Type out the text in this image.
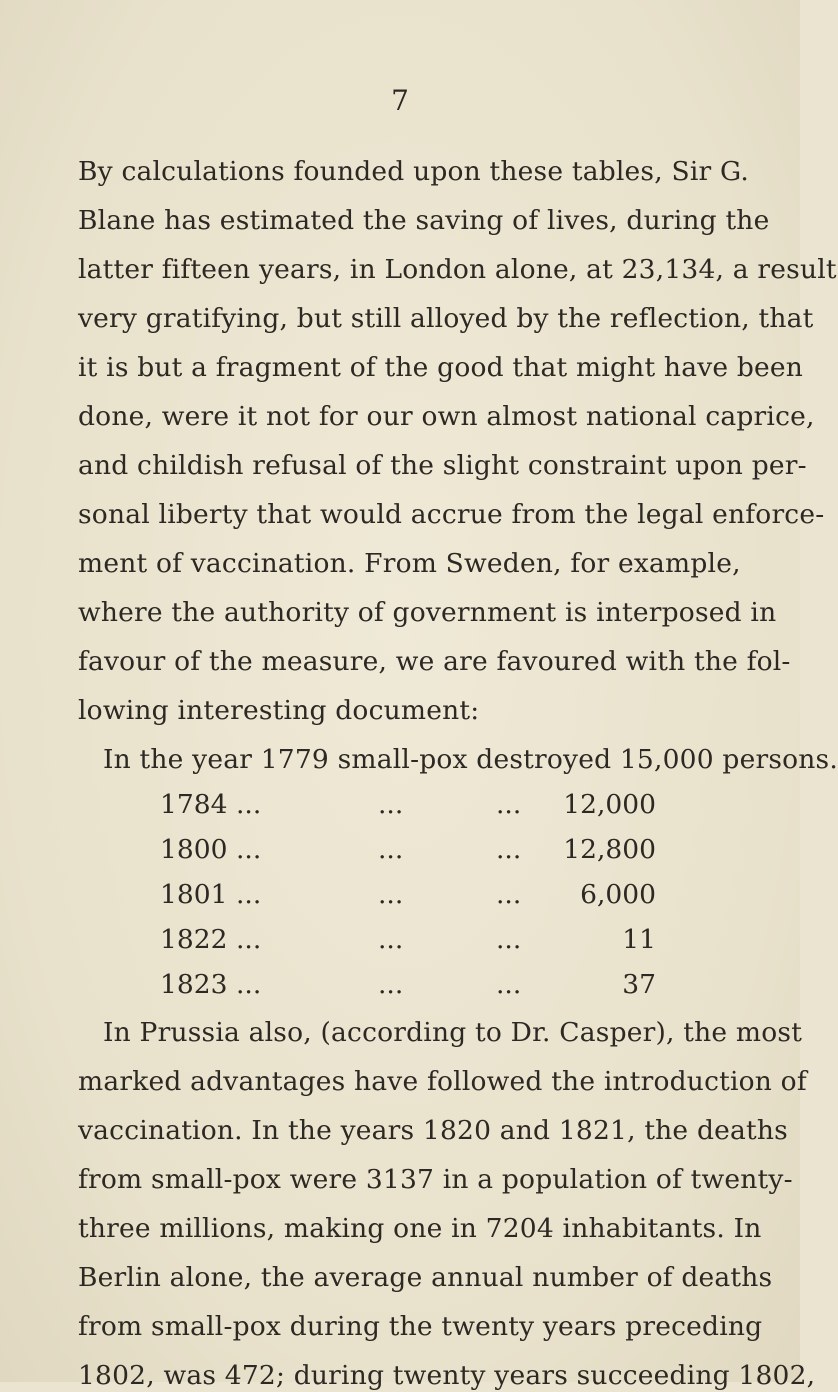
7
By calculations founded upon these tables, Sir G.
Blane has estimated the saving of lives, during the
latter fifteen years, in London alone, at 23,134, a result
very gratifying, but still alloyed by the reflection, that
it is but a fragment of the good that might have been
done, were it not for our own almost national caprice,
and childish refusal of the slight constraint upon per-
sonal liberty that would accrue from the legal enforce-
ment of vaccination. From Sweden, for example,
where the authority of government is interposed in
favour of the measure, we are favoured with the fol-
lowing interesting document:
In the year 1779 small-pox destroyed 15,000 persons.
1784 ...	...	... 12,000
1800 ...	...	... 12,800
1801 ...	...	... 6,000
1822 ...	...	...	11
1823 ...	...	...	37
In Prussia also, (according to Dr. Casper), the most
marked advantages have followed the introduction of
vaccination. In the years 1820 and 1821, the deaths
from small-pox were 3137 in a population of twenty-
three millions, making one in 7204 inhabitants. In
Berlin alone, the average annual number of deaths
from small-pox during the twenty years preceding
1802, was 472; during twenty years succeeding 1802,
